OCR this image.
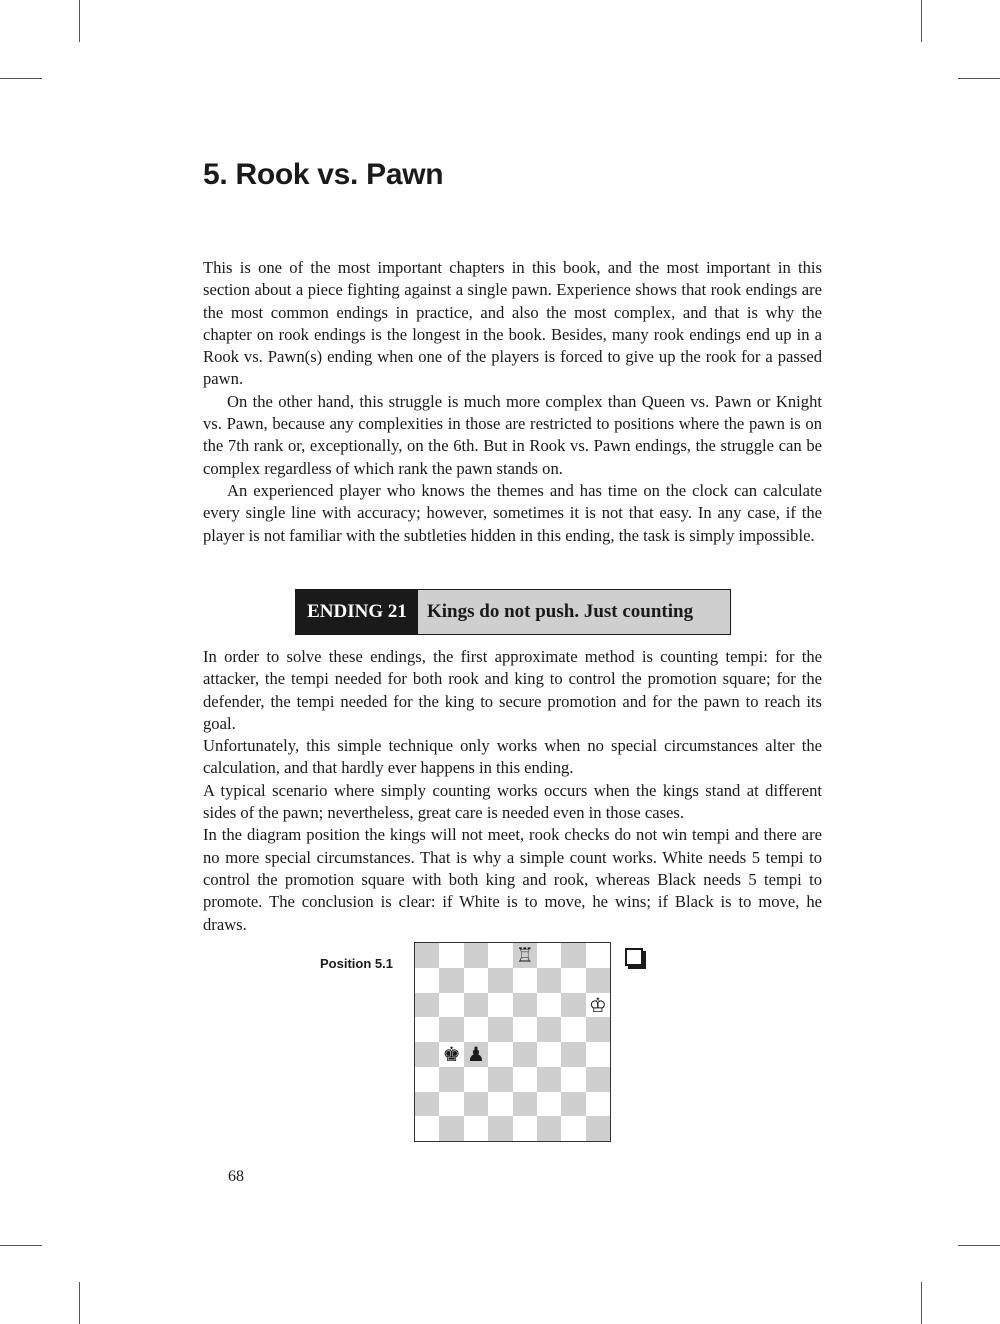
5. Rook vs. Pawn

This is one of the most important chapters in this book, and the most important in this section about a piece fighting against a single pawn. Experience shows that rook endings are the most common endings in practice, and also the most complex, and that is why the chapter on rook endings is the longest in the book. Besides, many rook endings end up in a Rook vs. Pawn(s) ending when one of the players is forced to give up the rook for a passed pawn.

On the other hand, this struggle is much more complex than Queen vs. Pawn or Knight vs. Pawn, because any complexities in those are restricted to positions where the pawn is on the 7th rank or, exceptionally, on the 6th. But in Rook vs. Pawn endings, the struggle can be complex regardless of which rank the pawn stands on.

An experienced player who knows the themes and has time on the clock can calculate every single line with accuracy; however, sometimes it is not that easy. In any case, if the player is not familiar with the subtleties hidden in this ending, the task is simply impossible.

ENDING 21	Kings do not push. Just counting

In order to solve these endings, the first approximate method is counting tempi: for the attacker, the tempi needed for both rook and king to control the promotion square; for the defender, the tempi needed for the king to secure promotion and for the pawn to reach its goal.

Unfortunately, this simple technique only works when no special circumstances alter the calculation, and that hardly ever happens in this ending.

A typical scenario where simply counting works occurs when the kings stand at different sides of the pawn; nevertheless, great care is needed even in those cases.

In the diagram position the kings will not meet, rook checks do not win tempi and there are no more special circumstances. That is why a simple count works. White needs 5 tempi to control the promotion square with both king and rook, whereas Black needs 5 tempi to promote. The conclusion is clear: if White is to move, he wins; if Black is to move, he draws.

Position 5.1	♖
♔
♚ ♟
68
